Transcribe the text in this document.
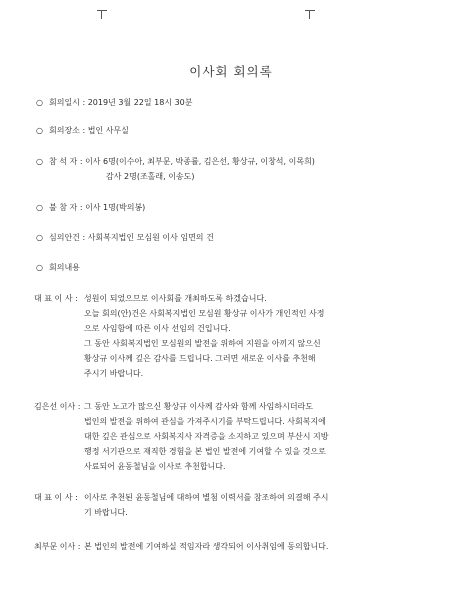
이사회 회의록
○ 회의일시 : 2019년 3월 22일 18시 30분
○ 회의장소 : 법인 사무실
○ 참 석 자 : 이사 6명(이수아, 최부문, 박종률, 김은선, 황상규, 이창석, 이목희)
감사 2명(조홀래, 이송도)
○ 불 참 자 : 이사 1명(박의봉)
○ 심의안건 : 사회복지법인 모심원 이사 임면의 건
○ 회의내용
대 표 이 사 : 성원이 되었으므로 이사회를 개최하도록 하겠습니다.
오늘 회의(안)건은 사회복지법인 모심원 황상규 이사가 개인적인 사정
으로 사임함에 따른 이사 선임의 건입니다.
그 동안 사회복지법인 모심원의 발전을 위하여 지원을 아끼지 않으신
황상규 이사께 깊은 감사를 드립니다. 그러면 새로운 이사를 추천해
주시기 바랍니다.
김은선 이사 : 그 동안 노고가 많으신 황상규 이사께 감사와 함께 사임하시더라도
법인의 발전을 위하여 관심을 가져주시기를 부탁드립니다. 사회복지에
대한 깊은 관심으로 사회복지사 자격증을 소지하고 있으며 부산시 지방
행정 서기관으로 재직한 경험을 본 법인 발전에 기여할 수 있을 것으로
사료되어 윤동철님을 이사로 추천합니다.
대 표 이 사 : 이사로 추천된 윤동철님에 대하여 별첨 이력서를 참조하여 의결해 주시
기 바랍니다.
최부문 이사 : 본 법인의 발전에 기여하실 적임자라 생각되어 이사취임에 동의합니다.
